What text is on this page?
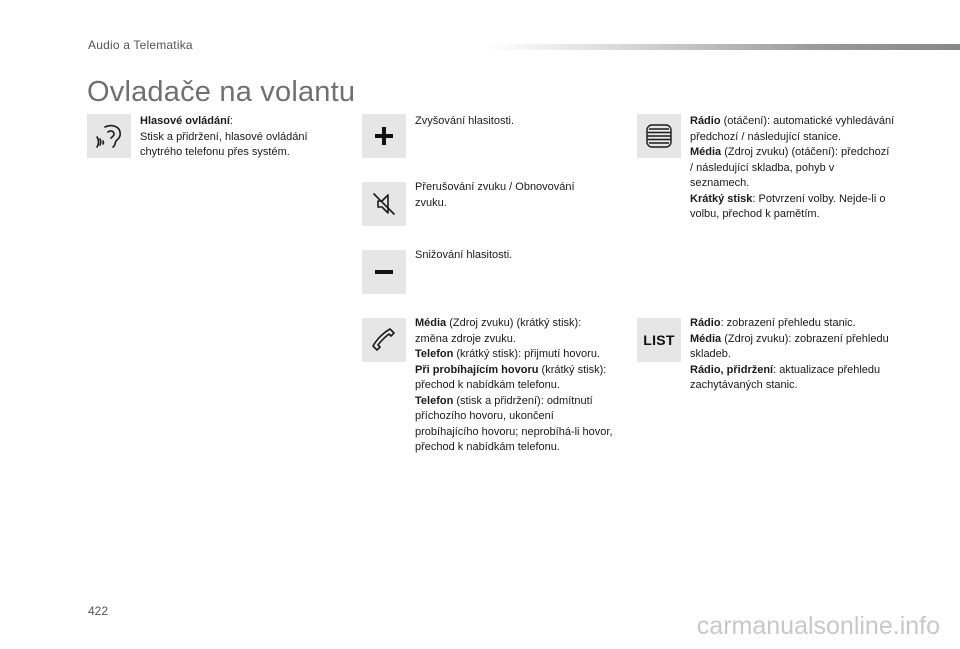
Audio a Telematika
Ovladače na volantu
Hlasové ovládání:
Stisk a přidržení, hlasové ovládání chytrého telefonu přes systém.
Zvyšování hlasitosti.
Přerušování zvuku / Obnovování zvuku.
Snižování hlasitosti.
Média (Zdroj zvuku) (krátký stisk): změna zdroje zvuku.
Telefon (krátký stisk): přijmutí hovoru.
Při probíhajícím hovoru (krátký stisk): přechod k nabídkám telefonu.
Telefon (stisk a přidržení): odmítnutí příchozího hovoru, ukončení probíhajícího hovoru; neprobíhá-li hovor, přechod k nabídkám telefonu.
Rádio (otáčení): automatické vyhledávání předchozí / následující stanice.
Média (Zdroj zvuku) (otáčení): předchozí / následující skladba, pohyb v seznamech.
Krátký stisk: Potvrzení volby. Nejde-li o volbu, přechod k pamětím.
LIST
Rádio: zobrazení přehledu stanic.
Média (Zdroj zvuku): zobrazení přehledu skladeb.
Rádio, přidržení: aktualizace přehledu zachytávaných stanic.
422
carmanualsonline.info
